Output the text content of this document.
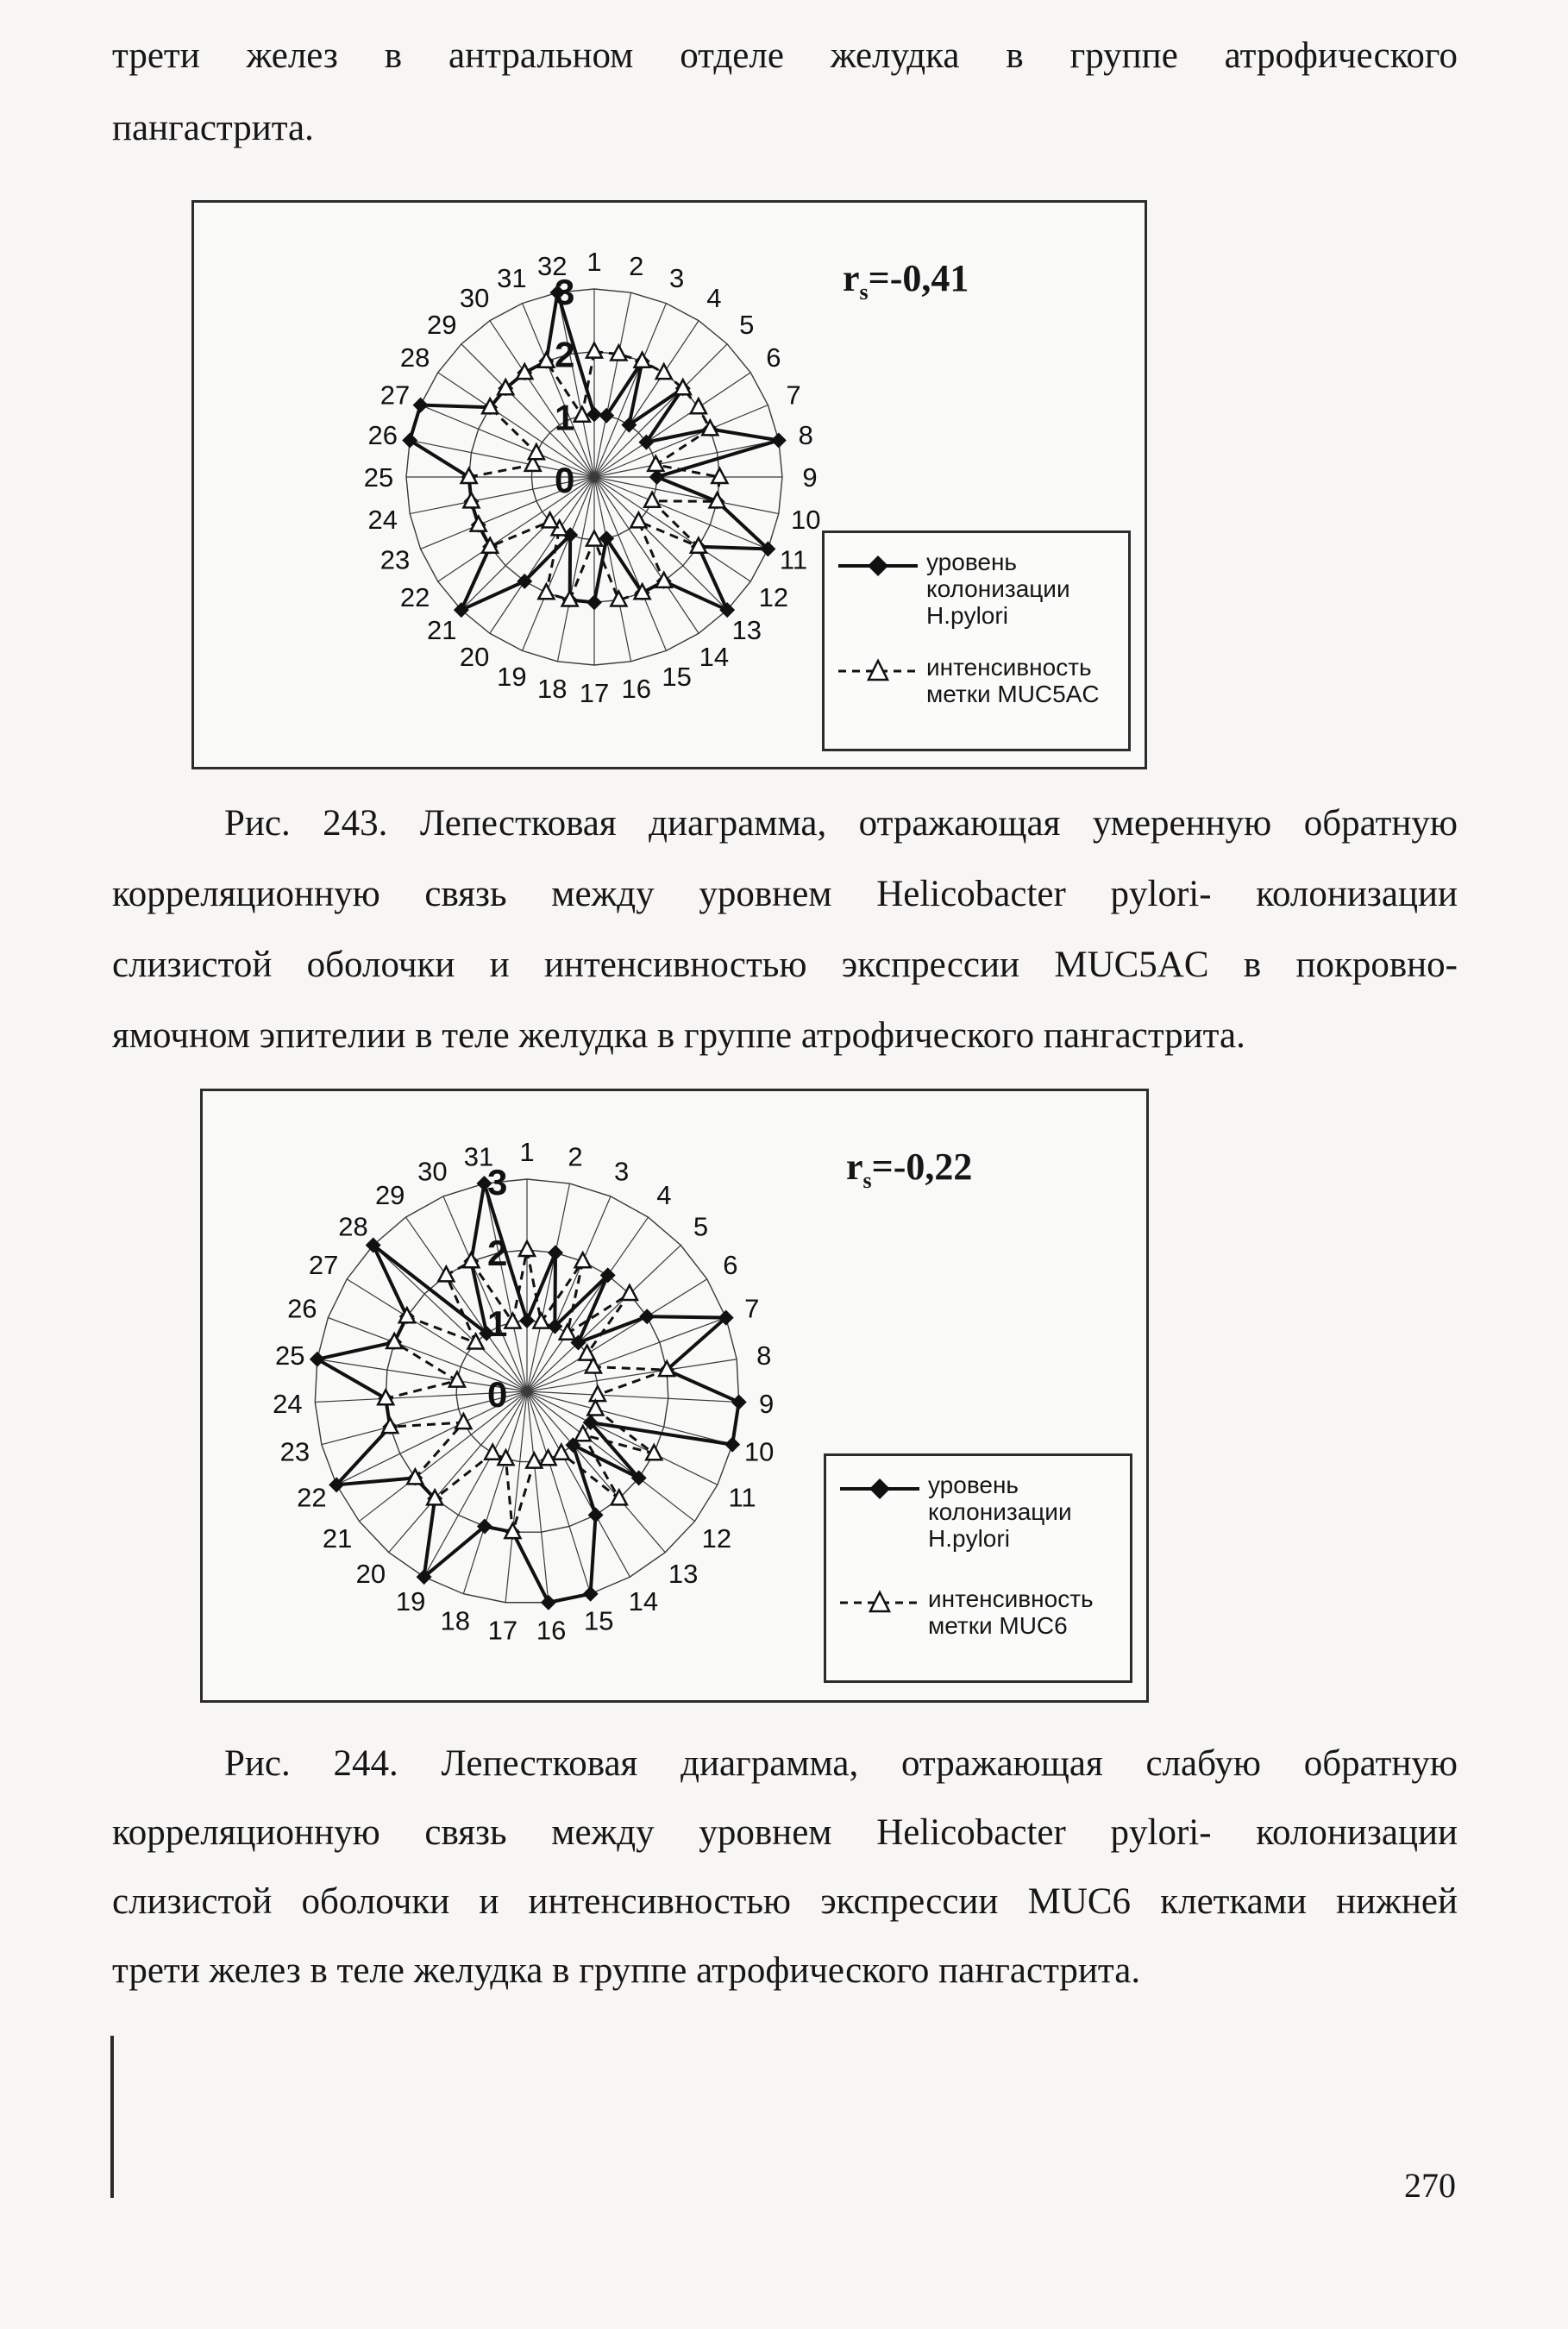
трети желез в антральном отделе желудка в группе атрофического
пангастрита.
0
1
2
3
1 2 3
4
5
6
7
8
9
10
11
12
13
14
15
16
17
18
19
20
21
22
23
24
25
26
27
28
29
30
31 32	$r_s=-0,41$
уровень
колонизации
H.pylori
интенсивность
метки MUC5AC
Рис. 243. Лепестковая диаграмма, отражающая умеренную обратную
корреляционную связь между уровнем Helicobacter pylori- колонизации
слизистой оболочки и интенсивностью экспрессии MUC5AC в покровно-
ямочном эпителии в теле желудка в группе атрофического пангастрита.
0
1
2
3
1 2 3
4
5
6
7
8
9
10
11
12
13
14
15
16
17
18
19
20
21
22
23
24
25
26
27
28
29
30 31	$r_s=-0,22$
уровень
колонизации
H.pylori
интенсивность
метки MUC6
Рис. 244. Лепестковая диаграмма, отражающая слабую обратную
корреляционную связь между уровнем Helicobacter pylori- колонизации
слизистой оболочки и интенсивностью экспрессии MUC6 клетками нижней
трети желез в теле желудка в группе атрофического пангастрита.
270
